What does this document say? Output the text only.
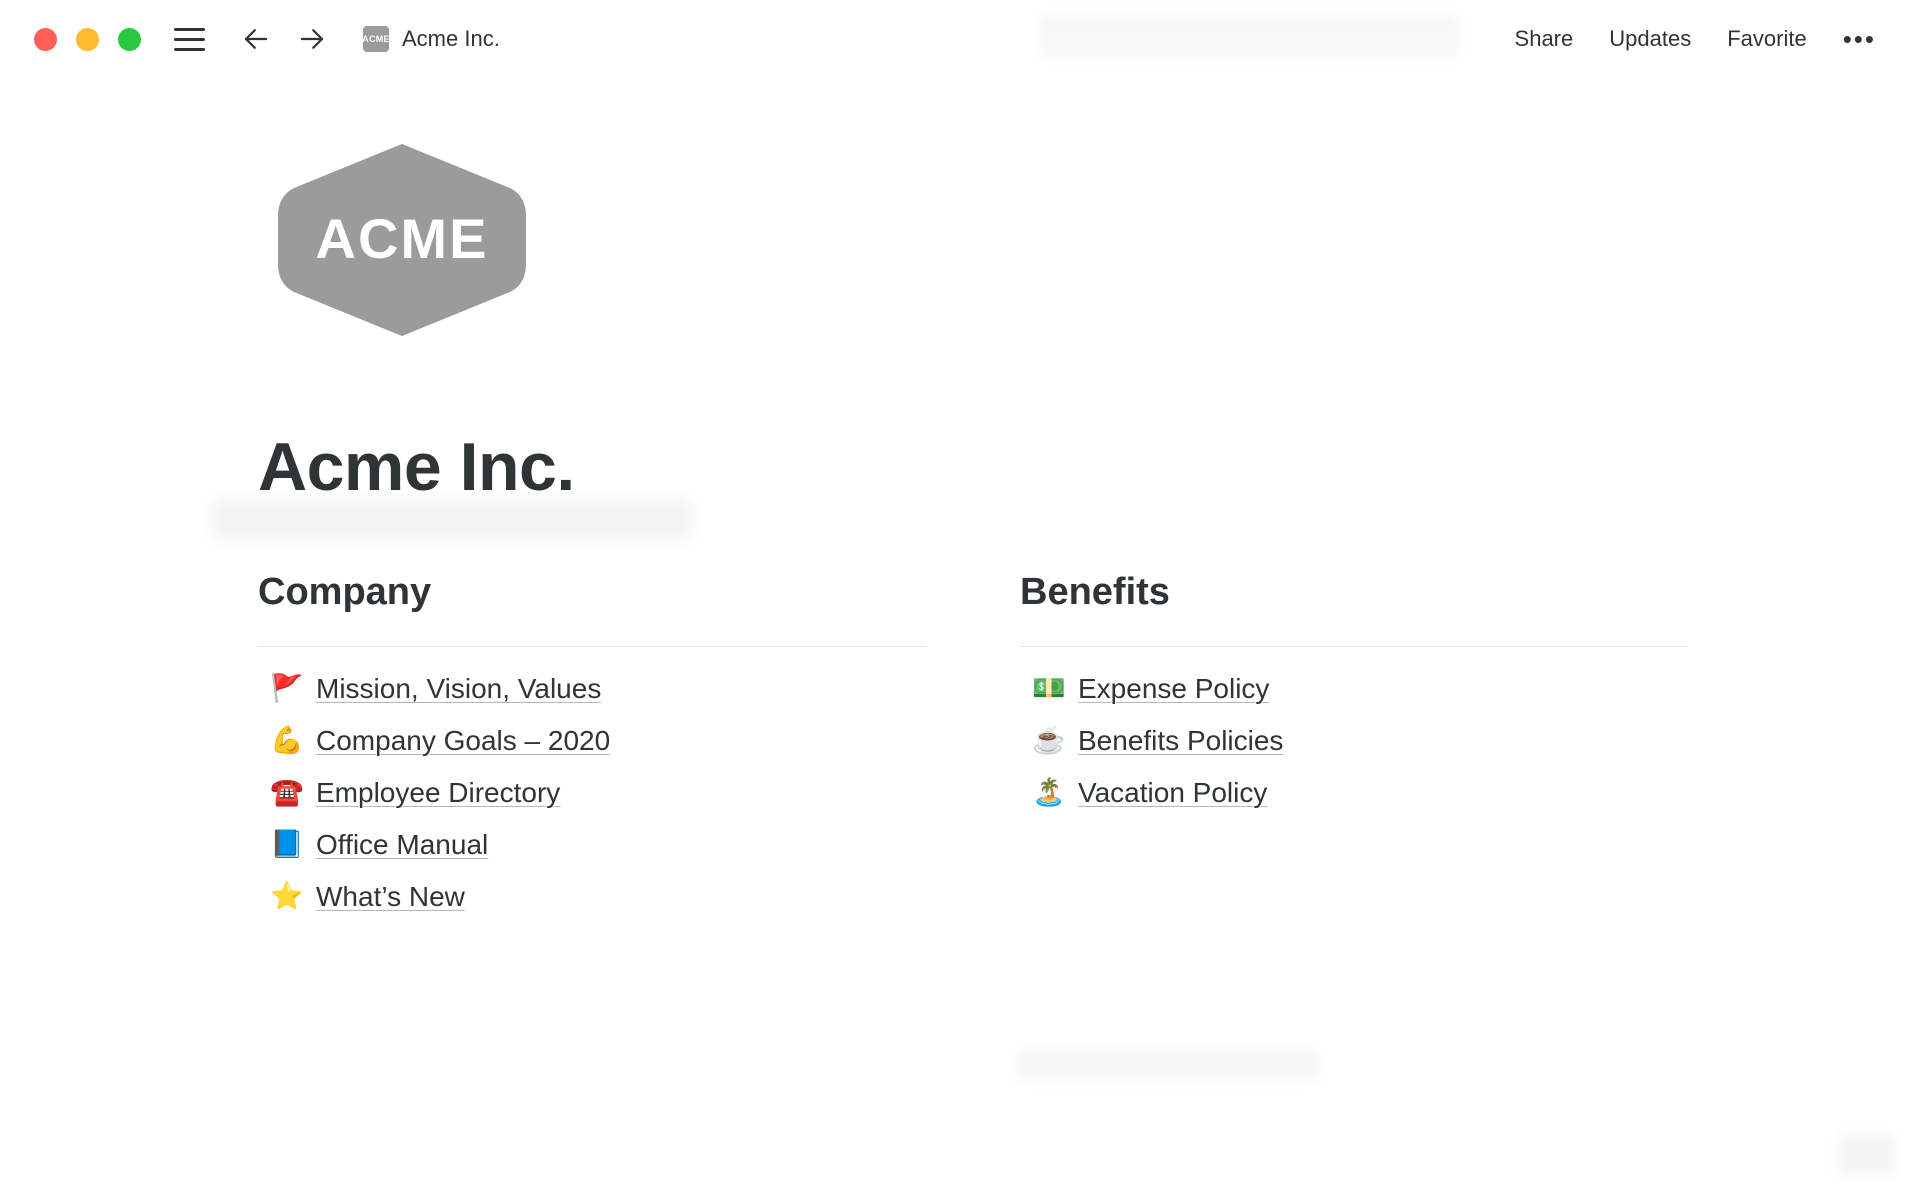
ACME Acme Inc.	Share Updates Favorite •••
ACME
Acme Inc.
Company
🚩 Mission, Vision, Values
💪 Company Goals – 2020
☎️ Employee Directory
📘 Office Manual
⭐ What’s New
Benefits
💵 Expense Policy
☕ Benefits Policies
🏝️ Vacation Policy
